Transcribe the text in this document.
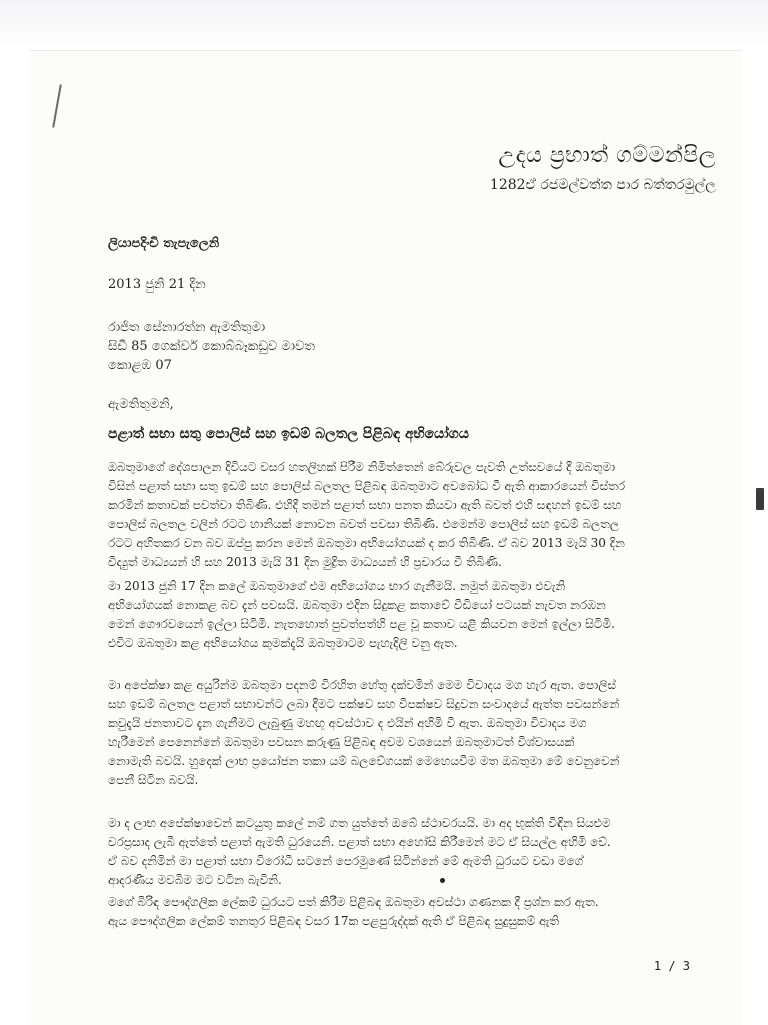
උදය ප්‍රභාත් ගම්මන්පිල
1282ඒ රජමල්වත්ත පාර බත්තරමුල්ල
ලියාපදිංචි තැපැලෙනි
2013 ජුනි 21 දින
රාජිත සේනාරත්න ඇමතිතුමා
සිඩී 85 ගෙක්වර් කොබ්බෑකඩුව මාවත
කොළඹ 07
ඇමතිතුමනි,
පළාත් සභා සතු පොලිස් සහ ඉඩම් බලතල පිළිබඳ අභියෝගය
ඔබතුමාගේ දේශපාලන දිවියට වසර හතලිහක් පිරීම නිමිත්තෙන් බේරුවල පැවති උත්සවයේ දී ඔබතුමා
විසින් පළාත් සභා සතු ඉඩම් සහ පොලිස් බලතල පිළිබඳ ඔබතුමාට අවබෝධ වී ඇති ආකාරයෙන් විස්තර
කරමින් කතාවක් පවත්වා තිබිණි. එහිදී තමන් පළාත් සභා පනත කියවා ඇති බවත් එහි සඳහන් ඉඩම් සහ
පොලිස් බලතල වලින් රටට හානියක් නොවන බවත් පවසා තිබිණි. එමෙන්ම පොලිස් සහ ඉඩම් බලතල
රටට අහිතකර වන බව ඔප්පු කරන මෙන් ඔබතුමා අභියෝගයක් ද කර තිබිණි. ඒ බව 2013 මැයි 30 දින
විද්‍යුත් මාධ්‍යයන් හි සහ 2013 මැයි 31 දින මුද්‍රිත මාධ්‍යයන් හි ප්‍රචාරය වී තිබිණි.
මා 2013 ජුනි 17 දින කලේ ඔබතුමාගේ එම අභියෝගය භාර ගැනීමයි. නමුත් ඔබතුමා එවැනි
අභියෝගයක් නොකළ බව දැන් පවසයි. ඔබතුමා එදින සිදුකළ කතාවේ වීඩියෝ පටයක් නැවත නරඹන
මෙන් ගෞරවයෙන් ඉල්ලා සිටිමි. නැතහොත් පුවත්පත්හි පළ වූ කතාව යළි කියවන මෙන් ඉල්ලා සිටිමි.
එවිට ඔබතුමා කළ අභියෝගය කුමක්දැයි ඔබතුමාටම පැහැදිලි වනු ඇත.
මා අපේක්ෂා කළ අයුරින්ම ඔබතුමා පදනම් විරහිත හේතු දක්වමින් මෙම විවාදය මග හැර ඇත. පොලිස්
සහ ඉඩම් බලතල පළාත් සභාවන්ට ලබා දීමට පක්ෂව සහ විපක්ෂව සිදුවන සංවාදයේ ඇත්ත පවසන්නේ
කවුදැයි ජනතාවට දැන ගැනීමට ලැබුණු මහඟු අවස්ථාව ද එයින් අහිමි වී ඇත. ඔබතුමා විවාදය මග
හැරීමෙන් පෙනෙන්නේ ඔබතුමා පවසන කරුණු පිළිබඳ අවම වශයෙන් ඔබතුමාටත් විශ්වාසයක්
නොමැති බවයි. හුදෙක් ලාභ ප්‍රයෝජන තකා යම් බලවේගයක් මෙහෙයවීම මත ඔබතුමා මේ වෙනුවෙන්
පෙනී සිටින බවයි.
මා ද ලාභ අපේක්ෂාවෙන් කටයුතු කලේ නම් ගත යුත්තේ ඔබේ ස්ථාවරයයි. මා අද භුක්ති විඳින සියළුම
වරප්‍රසාද ලැබී ඇත්තේ පළාත් ඇමති ධුරයෙනි. පළාත් සභා අහෝසි කිරීමෙන් මට ඒ සියල්ල අහිමි වේ.
ඒ බව දනිමින් මා පළාත් සභා විරෝධී සටනේ පෙරමුණේ සිටින්නේ මේ ඇමති ධුරයට වඩා මගේ
ආදරණීය මවබිම මට වටින බැවිනි.
මගේ බිරිඳ පෞද්ගලික ලේකම් ධුරයට පත් කිරීම පිළිබඳ ඔබතුමා අවස්ථා ගණනක දී ප්‍රශ්න කර ඇත.
ඇය පෞද්ගලික ලේකම් තනතුර පිළිබඳ වසර 17ක පළපුරුද්දක් ඇති ඒ පිළිබඳ සුදුසුකම් ඇති
1 / 3
